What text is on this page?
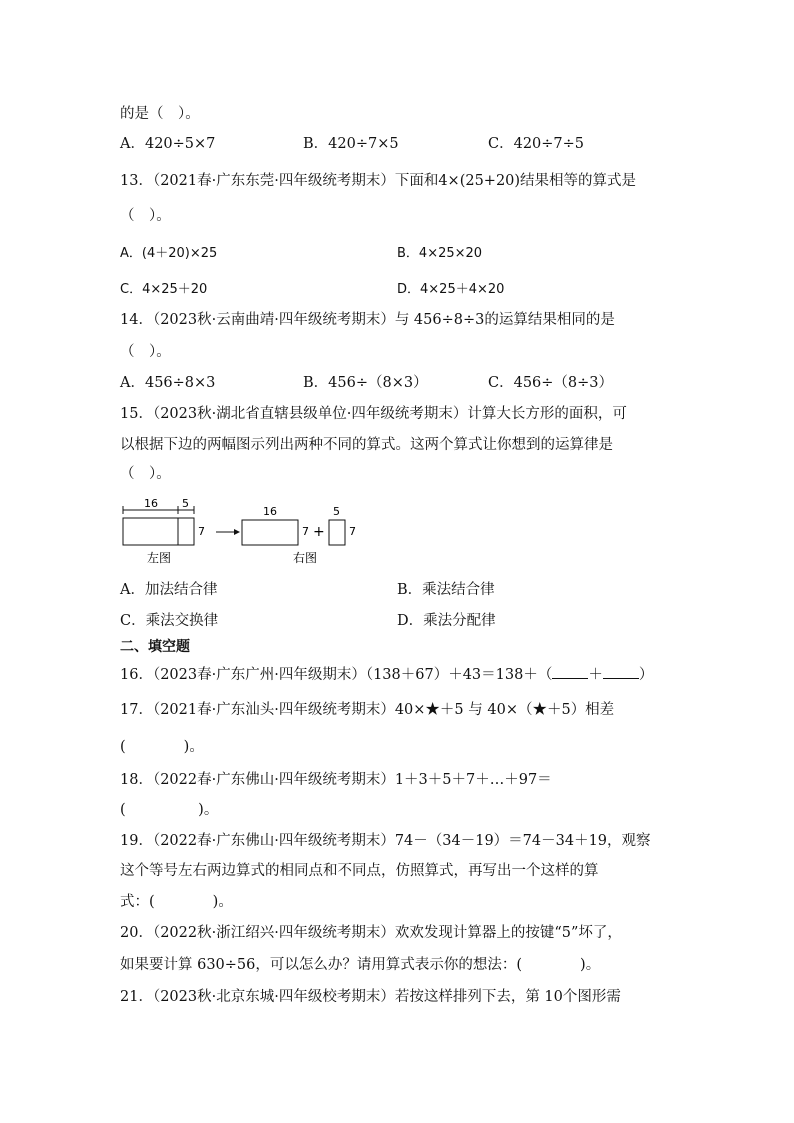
的是（　）。
A．420÷5×7	B．420÷7×5	C．420÷7÷5
13．（2021春·广东东莞·四年级统考期末）下面和4×(25+20)结果相等的算式是
（　）。
A．(4＋20)×25	B．4×25×20
C．4×25＋20	D．4×25＋4×20
14．（2023秋·云南曲靖·四年级统考期末）与 456÷8÷3的运算结果相同的是
（　）。
A．456÷8×3	B．456÷（8×3）	C．456÷（8÷3）
15．（2023秋·湖北省直辖县级单位·四年级统考期末）计算大长方形的面积，可
以根据下边的两幅图示列出两种不同的算式。这两个算式让你想到的运算律是
（　）。
16 5
7
左图
16
7 +
5
7
右图
A．加法结合律	B．乘法结合律
C．乘法交换律	D．乘法分配律
二、填空题
16．（2023春·广东广州·四年级期末）（138＋67）＋43＝138＋（ ＋ ）
17．（2021春·广东汕头·四年级统考期末）40×★＋5 与 40×（★＋5）相差
(　　　　)。
18．（2022春·广东佛山·四年级统考期末）1＋3＋5＋7＋…＋97＝
(　　　　　)。
19．（2022春·广东佛山·四年级统考期末）74－（34－19）＝74－34＋19，观察
这个等号左右两边算式的相同点和不同点，仿照算式，再写出一个这样的算
式：(　　　　)。
20．（2022秋·浙江绍兴·四年级统考期末）欢欢发现计算器上的按键“5”坏了，
如果要计算 630÷56，可以怎么办？请用算式表示你的想法：(　　　　)。
21．（2023秋·北京东城·四年级校考期末）若按这样排列下去，第 10个图形需
